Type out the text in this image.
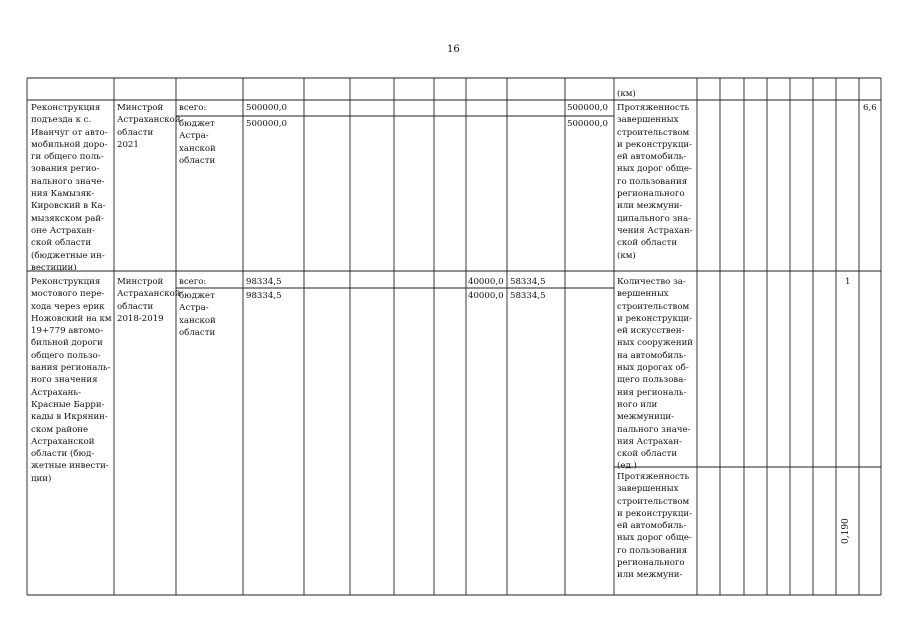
16
(км)
Реконструкция
подъезда к с.
Иванчуг от авто-
мобильной доро-
ги общего поль-
зования регио-
нального значе-
ния Камызяк-
Кировский в Ка-
мызякском рай-
оне Астрахан-
ской области
(бюджетные ин-
вестиции)
Минстрой
Астраханской
области
2021
всего:
бюджет
Астра-
ханской
области
500000,0
500000,0
500000,0
500000,0
Протяженность
завершенных
строительством
и реконструкци-
ей автомобиль-
ных дорог обще-
го пользования
регионального
или межмуни-
ципального зна-
чения Астрахан-
ской области
(км)
6,6
Реконструкция
мостового пере-
хода через ерик
Ножовский на км
19+779 автомо-
бильной дороги
общего пользо-
вания региональ-
ного значения
Астрахань-
Красные Барри-
кады в Икрянин-
ском районе
Астраханской
области (бюд-
жетные инвести-
ции)
Минстрой
Астраханской
области
2018-2019
всего:
бюджет
Астра-
ханской
области
98334,5
98334,5
40000,0
40000,0
58334,5
58334,5
Количество за-
вершенных
строительством
и реконструкци-
ей искусствен-
ных сооружений
на автомобиль-
ных дорогах об-
щего пользова-
ния региональ-
ного или
межмуници-
пального значе-
ния Астрахан-
ской области
(ед.)
1
Протяженность
завершенных
строительством
и реконструкци-
ей автомобиль-
ных дорог обще-
го пользования
регионального
или межмуни-
0,190
